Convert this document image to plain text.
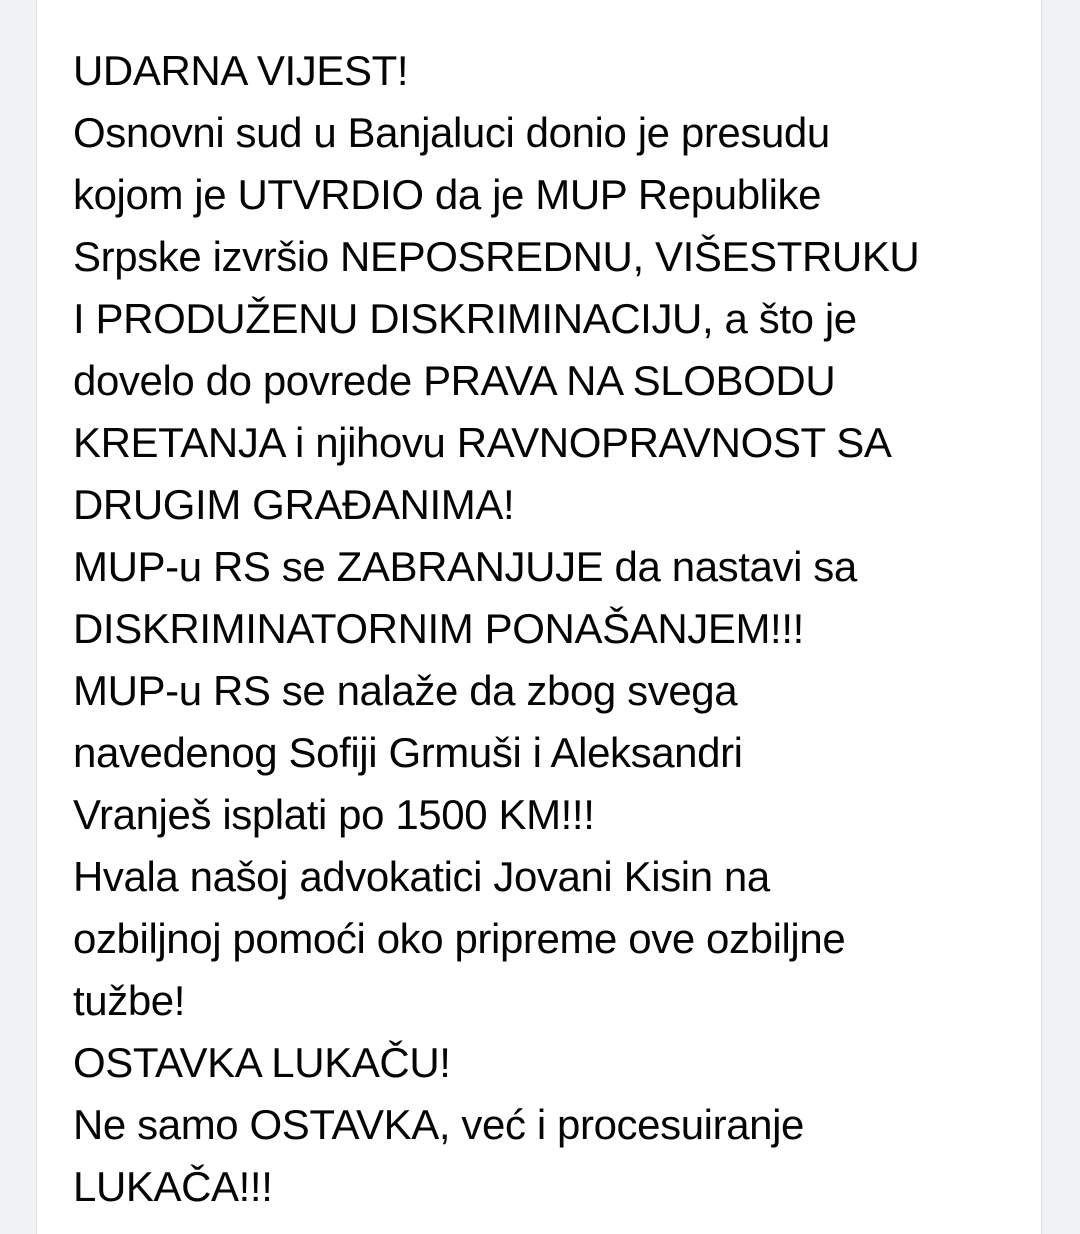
UDARNA VIJEST!
Osnovni sud u Banjaluci donio je presudu
kojom je UTVRDIO da je MUP Republike
Srpske izvršio NEPOSREDNU, VIŠESTRUKU
I PRODUŽENU DISKRIMINACIJU, a što je
dovelo do povrede PRAVA NA SLOBODU
KRETANJA i njihovu RAVNOPRAVNOST SA
DRUGIM GRAĐANIMA!
MUP-u RS se ZABRANJUJE da nastavi sa
DISKRIMINATORNIM PONAŠANJEM!!!
MUP-u RS se nalaže da zbog svega
navedenog Sofiji Grmuši i Aleksandri
Vranješ isplati po 1500 KM!!!
Hvala našoj advokatici Jovani Kisin na
ozbiljnoj pomoći oko pripreme ove ozbiljne
tužbe!
OSTAVKA LUKAČU!
Ne samo OSTAVKA, već i procesuiranje
LUKAČA!!!
